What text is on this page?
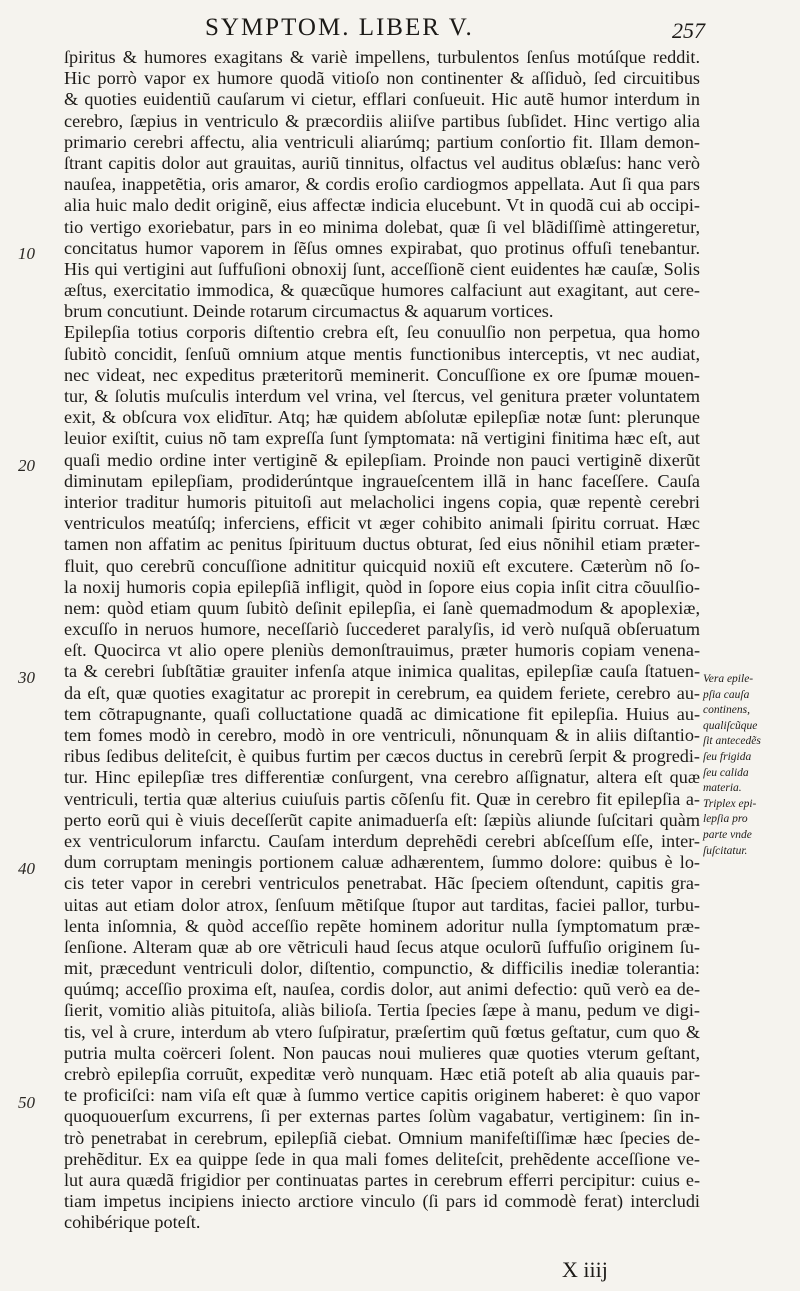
SYMPTOM. LIBER V.	257
ſpiritus & humores exagitans & variè impellens, turbulentos ſenſus motúſque reddit.
Hic porrò vapor ex humore quodã vitioſo non continenter & aſſiduò, ſed circuitibus
& quoties euidentiũ cauſarum vi cietur, efflari conſueuit. Hic autẽ humor interdum in
cerebro, ſæpius in ventriculo & præcordiis aliiſve partibus ſubſidet. Hinc vertigo alia
primario cerebri affectu, alia ventriculi aliarúmq; partium conſortio fit. Illam demon-
ſtrant capitis dolor aut grauitas, auriũ tinnitus, olfactus vel auditus oblæſus: hanc verò
nauſea, inappetẽtia, oris amaror, & cordis eroſio cardiogmos appellata. Aut ſi qua pars
alia huic malo dedit originẽ, eius affectæ indicia elucebunt. Vt in quodã cui ab occipi-
tio vertigo exoriebatur, pars in eo minima dolebat, quæ ſi vel blãdiſſimè attingeretur,
concitatus humor vaporem in ſẽſus omnes expirabat, quo protinus offuſi tenebantur.
His qui vertigini aut ſuffuſioni obnoxij ſunt, acceſſionẽ cient euidentes hæ cauſæ, Solis
æſtus, exercitatio immodica, & quæcũque humores calfaciunt aut exagitant, aut cere-
brum concutiunt. Deinde rotarum circumactus & aquarum vortices.
Epilepſia totius corporis diſtentio crebra eſt, ſeu conuulſio non perpetua, qua homo
ſubitò concidit, ſenſuũ omnium atque mentis functionibus interceptis, vt nec audiat,
nec videat, nec expeditus præteritorũ meminerit. Concuſſione ex ore ſpumæ mouen-
tur, & ſolutis muſculis interdum vel vrina, vel ſtercus, vel genitura præter voluntatem
exit, & obſcura vox elidītur. Atq; hæ quidem abſolutæ epilepſiæ notæ ſunt: plerunque
leuior exiſtit, cuius nõ tam expreſſa ſunt ſymptomata: nã vertigini finitima hæc eſt, aut
quaſi medio ordine inter vertiginẽ & epilepſiam. Proinde non pauci vertiginẽ dixerũt
diminutam epilepſiam, prodiderúntque ingraueſcentem illã in hanc faceſſere. Cauſa
interior traditur humoris pituitoſi aut melacholici ingens copia, quæ repentè cerebri
ventriculos meatúſq; inferciens, efficit vt æger cohibito animali ſpiritu corruat. Hæc
tamen non affatim ac penitus ſpirituum ductus obturat, ſed eius nõnihil etiam præter-
fluit, quo cerebrũ concuſſione adnititur quicquid noxiũ eſt excutere. Cæterùm nõ ſo-
la noxij humoris copia epilepſiã infligit, quòd in ſopore eius copia inſit citra cõuulſio-
nem: quòd etiam quum ſubitò deſinit epilepſia, ei ſanè quemadmodum & apoplexiæ,
excuſſo in neruos humore, neceſſariò ſuccederet paralyſis, id verò nuſquã obſeruatum
eſt. Quocirca vt alio opere pleniùs demonſtrauimus, præter humoris copiam venena-
ta & cerebri ſubſtãtiæ grauiter infenſa atque inimica qualitas, epilepſiæ cauſa ſtatuen-
da eſt, quæ quoties exagitatur ac prorepit in cerebrum, ea quidem feriete, cerebro au-
tem cõtrapugnante, quaſi colluctatione quadã ac dimicatione fit epilepſia. Huius au-
tem fomes modò in cerebro, modò in ore ventriculi, nõnunquam & in aliis diſtantio-
ribus ſedibus deliteſcit, è quibus furtim per cæcos ductus in cerebrũ ſerpit & progredi-
tur. Hinc epilepſiæ tres differentiæ conſurgent, vna cerebro aſſignatur, altera eſt quæ
ventriculi, tertia quæ alterius cuiuſuis partis cõſenſu fit. Quæ in cerebro fit epilepſia a-
perto eorũ qui è viuis deceſſerũt capite animaduerſa eſt: ſæpiùs aliunde ſuſcitari quàm
ex ventriculorum infarctu. Cauſam interdum deprehẽdi cerebri abſceſſum eſſe, inter-
dum corruptam meningis portionem caluæ adhærentem, ſummo dolore: quibus è lo-
cis teter vapor in cerebri ventriculos penetrabat. Hãc ſpeciem oſtendunt, capitis gra-
uitas aut etiam dolor atrox, ſenſuum mẽtiſque ſtupor aut tarditas, faciei pallor, turbu-
lenta inſomnia, & quòd acceſſio repẽte hominem adoritur nulla ſymptomatum præ-
ſenſione. Alteram quæ ab ore vẽtriculi haud ſecus atque oculorũ ſuffuſio originem ſu-
mit, præcedunt ventriculi dolor, diſtentio, compunctio, & difficilis inediæ tolerantia:
quúmq; acceſſio proxima eſt, nauſea, cordis dolor, aut animi defectio: quũ verò ea de-
ſierit, vomitio aliàs pituitoſa, aliàs bilioſa. Tertia ſpecies ſæpe à manu, pedum ve digi-
tis, vel à crure, interdum ab vtero ſuſpiratur, præſertim quũ fœtus geſtatur, cum quo &
putria multa coërceri ſolent. Non paucas noui mulieres quæ quoties vterum geſtant,
crebrò epilepſia corruũt, expeditæ verò nunquam. Hæc etiã poteſt ab alia quauis par-
te proficiſci: nam viſa eſt quæ à ſummo vertice capitis originem haberet: è quo vapor
quoquouerſum excurrens, ſi per externas partes ſolùm vagabatur, vertiginem: ſin in-
trò penetrabat in cerebrum, epilepſiã ciebat. Omnium manifeſtiſſimæ hæc ſpecies de-
prehẽditur. Ex ea quippe ſede in qua mali fomes deliteſcit, prehẽdente acceſſione ve-
lut aura quædã frigidior per continuatas partes in cerebrum efferri percipitur: cuius e-
tiam impetus incipiens iniecto arctiore vinculo (ſi pars id commodè ferat) intercludi
cohibérique poteſt.
10
20
30
40
50
Vera epile-
pſia cauſa
continens,
qualiſcũque
ſit antecedẽs
ſeu frigida
ſeu calida
materia.
Triplex epi-
lepſia pro
parte vnde
ſuſcitatur.
X iiij
